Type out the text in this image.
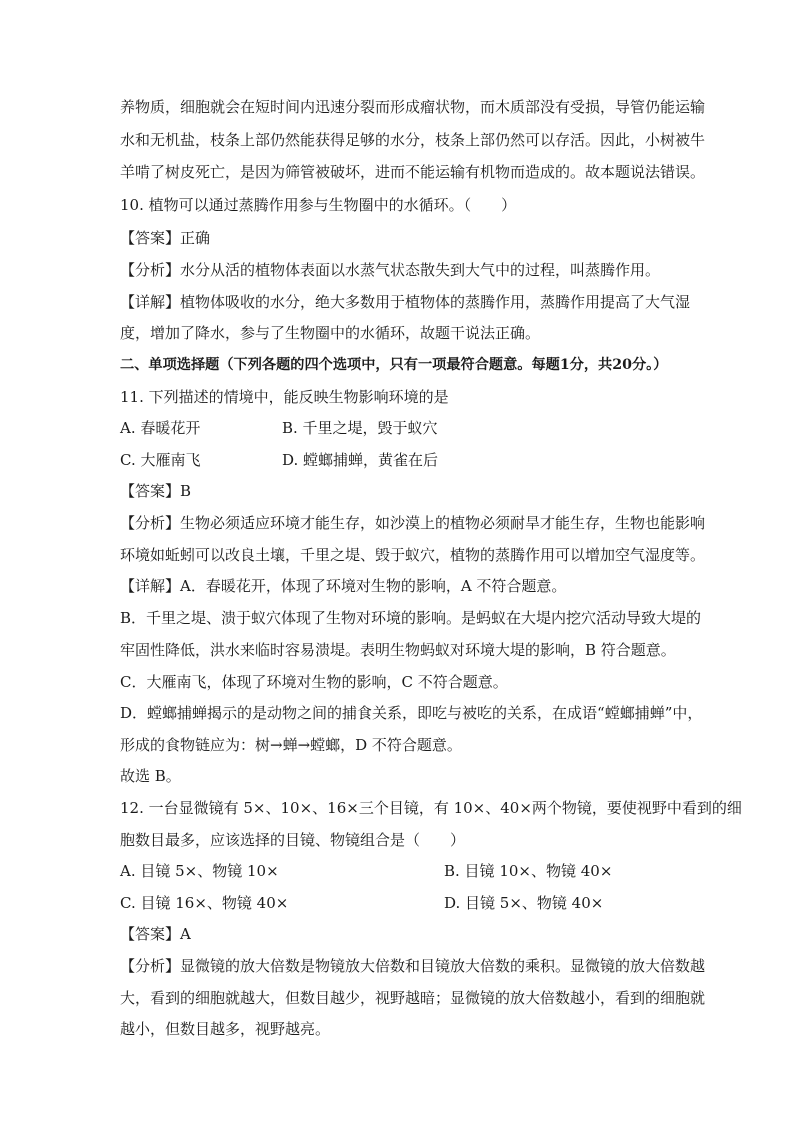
养物质，细胞就会在短时间内迅速分裂而形成瘤状物，而木质部没有受损，导管仍能运输
水和无机盐，枝条上部仍然能获得足够的水分，枝条上部仍然可以存活。因此，小树被牛
羊啃了树皮死亡，是因为筛管被破坏，进而不能运输有机物而造成的。故本题说法错误。
10. 植物可以通过蒸腾作用参与生物圈中的水循环。（　　）
【答案】正确
【分析】水分从活的植物体表面以水蒸气状态散失到大气中的过程，叫蒸腾作用。
【详解】植物体吸收的水分，绝大多数用于植物体的蒸腾作用，蒸腾作用提高了大气湿
度，增加了降水，参与了生物圈中的水循环，故题干说法正确。
二、单项选择题（下列各题的四个选项中，只有一项最符合题意。每题1分，共20分。）
11. 下列描述的情境中，能反映生物影响环境的是
A. 春暖花开	B. 千里之堤，毁于蚁穴
C. 大雁南飞	D. 螳螂捕蝉，黄雀在后
【答案】B
【分析】生物必须适应环境才能生存，如沙漠上的植物必须耐旱才能生存，生物也能影响
环境如蚯蚓可以改良土壤，千里之堤、毁于蚁穴，植物的蒸腾作用可以增加空气湿度等。
【详解】A．春暖花开，体现了环境对生物的影响，A 不符合题意。
B．千里之堤、溃于蚁穴体现了生物对环境的影响。是蚂蚁在大堤内挖穴活动导致大堤的
牢固性降低，洪水来临时容易溃堤。表明生物蚂蚁对环境大堤的影响，B 符合题意。
C．大雁南飞，体现了环境对生物的影响，C 不符合题意。
D．螳螂捕蝉揭示的是动物之间的捕食关系，即吃与被吃的关系，在成语“螳螂捕蝉”中，
形成的食物链应为：树→蝉→螳螂，D 不符合题意。
故选 B。
12. 一台显微镜有 5×、10×、16×三个目镜，有 10×、40×两个物镜，要使视野中看到的细
胞数目最多，应该选择的目镜、物镜组合是（　　）
A. 目镜 5×、物镜 10×	B. 目镜 10×、物镜 40×
C. 目镜 16×、物镜 40×	D. 目镜 5×、物镜 40×
【答案】A
【分析】显微镜的放大倍数是物镜放大倍数和目镜放大倍数的乘积。显微镜的放大倍数越
大，看到的细胞就越大，但数目越少，视野越暗；显微镜的放大倍数越小，看到的细胞就
越小，但数目越多，视野越亮。
